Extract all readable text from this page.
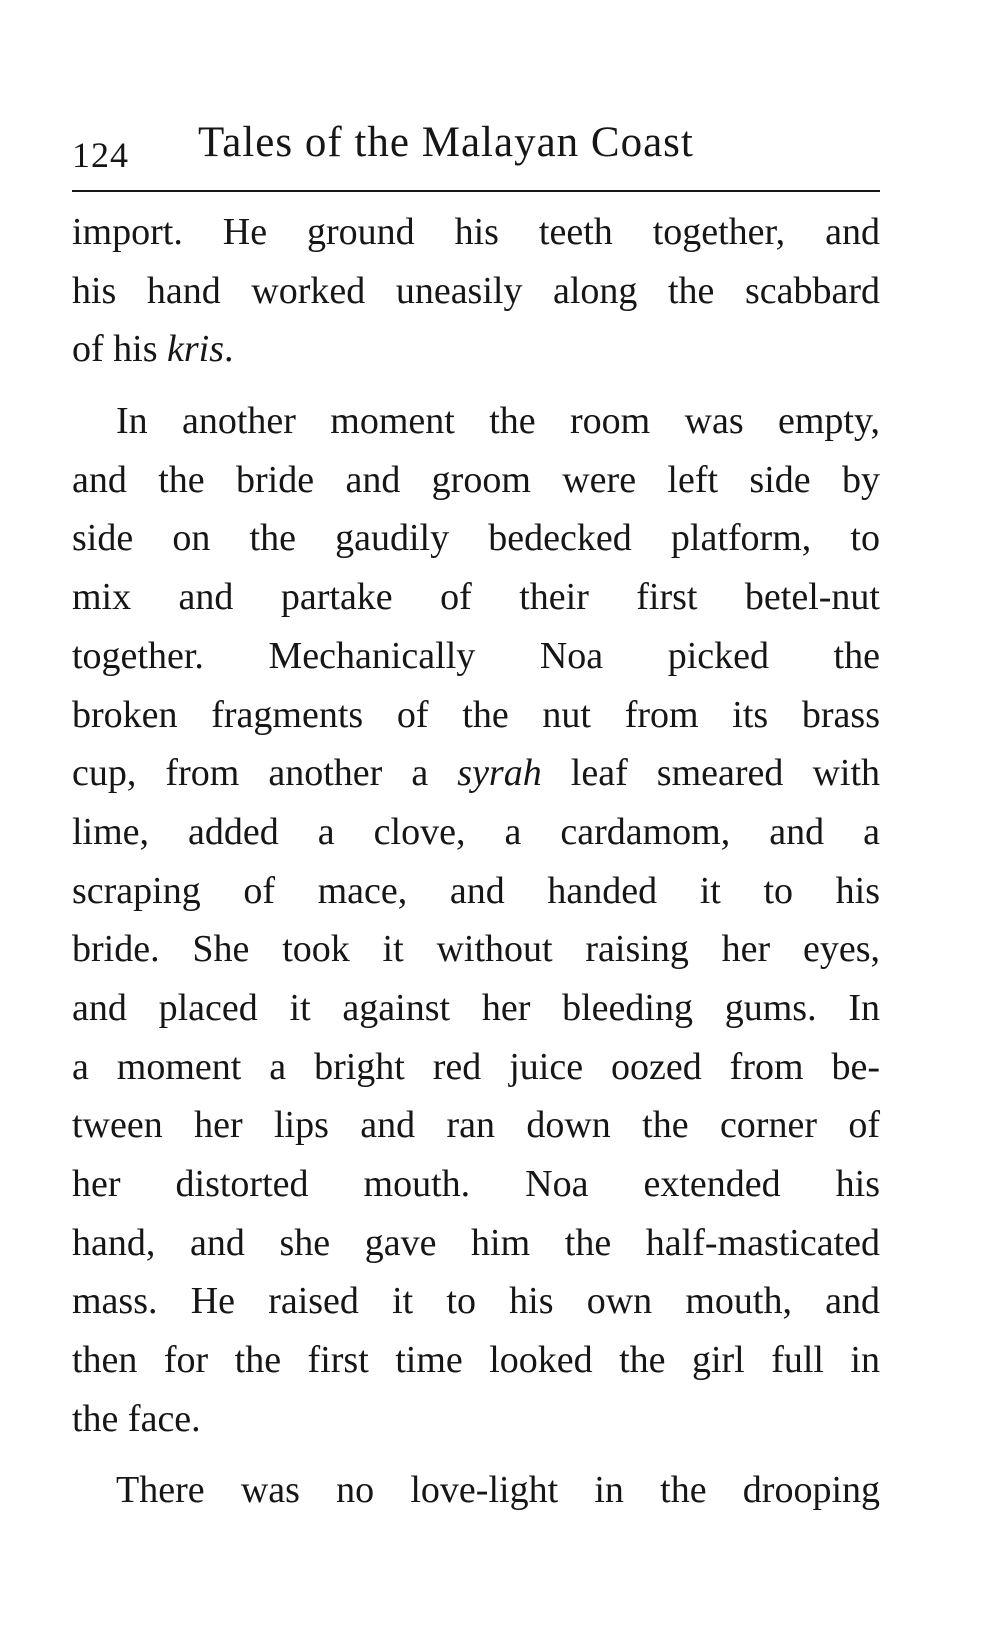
124 Tales of the Malayan Coast
import. He ground his teeth together, and
his hand worked uneasily along the scabbard
of his kris.
In another moment the room was empty,
and the bride and groom were left side by
side on the gaudily bedecked platform, to
mix and partake of their first betel-nut
together. Mechanically Noa picked the
broken fragments of the nut from its brass
cup, from another a syrah leaf smeared with
lime, added a clove, a cardamom, and a
scraping of mace, and handed it to his
bride. She took it without raising her eyes,
and placed it against her bleeding gums. In
a moment a bright red juice oozed from be-
tween her lips and ran down the corner of
her distorted mouth. Noa extended his
hand, and she gave him the half-masticated
mass. He raised it to his own mouth, and
then for the first time looked the girl full in
the face.
There was no love-light in the drooping
